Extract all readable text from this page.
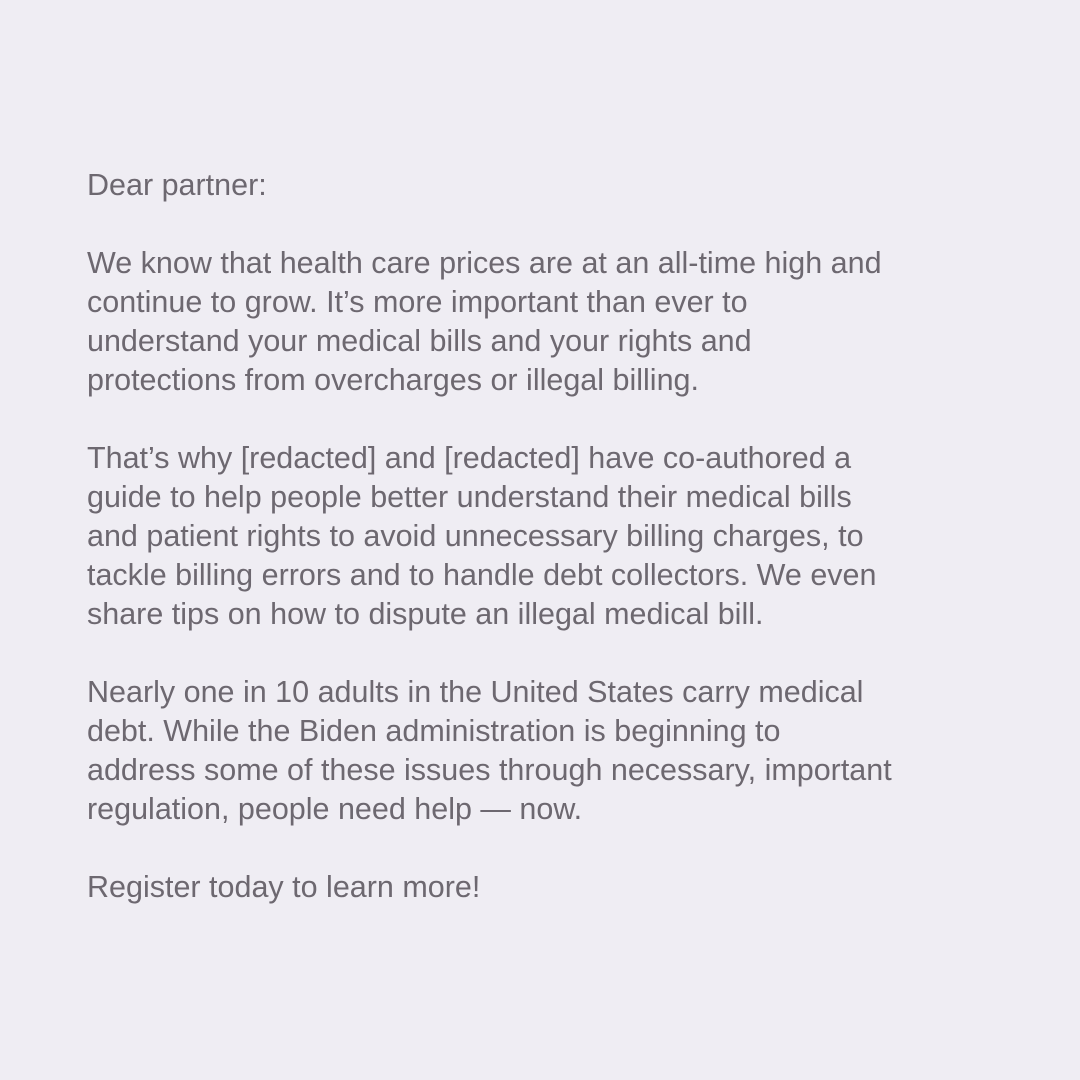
Dear partner:
We know that health care prices are at an all-time high and
continue to grow. It’s more important than ever to
understand your medical bills and your rights and
protections from overcharges or illegal billing.
That’s why [redacted] and [redacted] have co-authored a
guide to help people better understand their medical bills
and patient rights to avoid unnecessary billing charges, to
tackle billing errors and to handle debt collectors. We even
share tips on how to dispute an illegal medical bill.
Nearly one in 10 adults in the United States carry medical
debt. While the Biden administration is beginning to
address some of these issues through necessary, important
regulation, people need help — now.
Register today to learn more!
